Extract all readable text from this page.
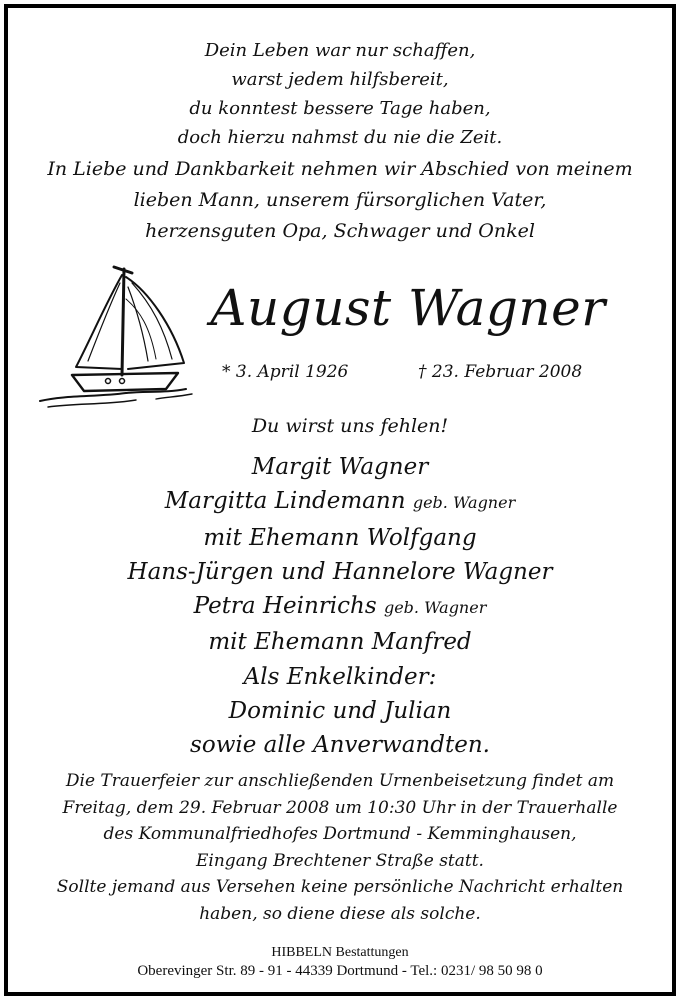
Dein Leben war nur schaffen,
warst jedem hilfsbereit,
du konntest bessere Tage haben,
doch hierzu nahmst du nie die Zeit.
In Liebe und Dankbarkeit nehmen wir Abschied von meinem
lieben Mann, unserem fürsorglichen Vater,
herzensguten Opa, Schwager und Onkel
August Wagner
* 3. April 1926	† 23. Februar 2008
Du wirst uns fehlen!
Margit Wagner
Margitta Lindemann geb. Wagner
mit Ehemann Wolfgang
Hans-Jürgen und Hannelore Wagner
Petra Heinrichs geb. Wagner
mit Ehemann Manfred
Als Enkelkinder:
Dominic und Julian
sowie alle Anverwandten.
Die Trauerfeier zur anschließenden Urnenbeisetzung findet am
Freitag, dem 29. Februar 2008 um 10:30 Uhr in der Trauerhalle
des Kommunalfriedhofes Dortmund - Kemminghausen,
Eingang Brechtener Straße statt.
Sollte jemand aus Versehen keine persönliche Nachricht erhalten
haben, so diene diese als solche.
HIBBELN Bestattungen
Oberevinger Str. 89 - 91 - 44339 Dortmund - Tel.: 0231/ 98 50 98 0
